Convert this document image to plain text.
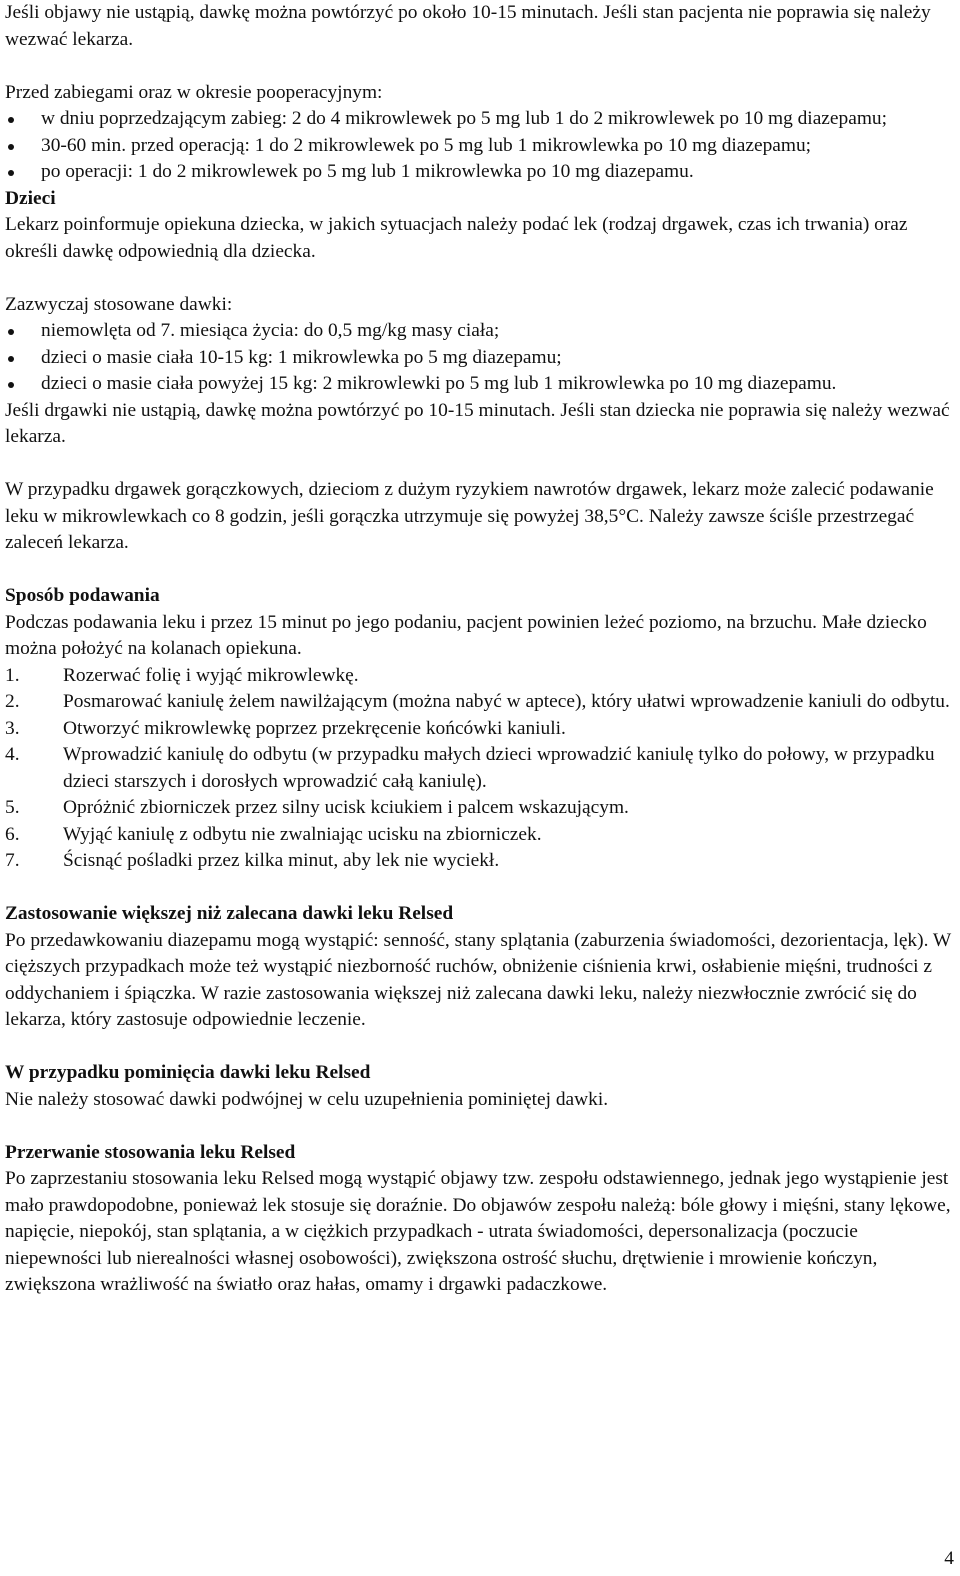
Jeśli objawy nie ustąpią, dawkę można powtórzyć po około 10-15 minutach. Jeśli stan pacjenta nie poprawia się należy wezwać lekarza.

Przed zabiegami oraz w okresie pooperacyjnym:

w dniu poprzedzającym zabieg: 2 do 4 mikrowlewek po 5 mg lub 1 do 2 mikrowlewek po 10 mg diazepamu;
30-60 min. przed operacją: 1 do 2 mikrowlewek po 5 mg lub 1 mikrowlewka po 10 mg diazepamu;
po operacji: 1 do 2 mikrowlewek po 5 mg lub 1 mikrowlewka po 10 mg diazepamu.

Dzieci

Lekarz poinformuje opiekuna dziecka, w jakich sytuacjach należy podać lek (rodzaj drgawek, czas ich trwania) oraz określi dawkę odpowiednią dla dziecka.

Zazwyczaj stosowane dawki:

niemowlęta od 7. miesiąca życia: do 0,5 mg/kg masy ciała;
dzieci o masie ciała 10-15 kg: 1 mikrowlewka po 5 mg diazepamu;
dzieci o masie ciała powyżej 15 kg: 2 mikrowlewki po 5 mg lub 1 mikrowlewka po 10 mg diazepamu.

Jeśli drgawki nie ustąpią, dawkę można powtórzyć po 10-15 minutach. Jeśli stan dziecka nie poprawia się należy wezwać lekarza.

W przypadku drgawek gorączkowych, dzieciom z dużym ryzykiem nawrotów drgawek, lekarz może zalecić podawanie leku w mikrowlewkach co 8 godzin, jeśli gorączka utrzymuje się powyżej 38,5°C. Należy zawsze ściśle przestrzegać zaleceń lekarza.

Sposób podawania

Podczas podawania leku i przez 15 minut po jego podaniu, pacjent powinien leżeć poziomo, na brzuchu. Małe dziecko można położyć na kolanach opiekuna.

1. Rozerwać folię i wyjąć mikrowlewkę.
2. Posmarować kaniulę żelem nawilżającym (można nabyć w aptece), który ułatwi wprowadzenie kaniuli do odbytu.
3. Otworzyć mikrowlewkę poprzez przekręcenie końcówki kaniuli.
4. Wprowadzić kaniulę do odbytu (w przypadku małych dzieci wprowadzić kaniulę tylko do połowy, w przypadku dzieci starszych i dorosłych wprowadzić całą kaniulę).
5. Opróżnić zbiorniczek przez silny ucisk kciukiem i palcem wskazującym.
6. Wyjąć kaniulę z odbytu nie zwalniając ucisku na zbiorniczek.
7. Ścisnąć pośladki przez kilka minut, aby lek nie wyciekł.

Zastosowanie większej niż zalecana dawki leku Relsed

Po przedawkowaniu diazepamu mogą wystąpić: senność, stany splątania (zaburzenia świadomości, dezorientacja, lęk). W cięższych przypadkach może też wystąpić niezborność ruchów, obniżenie ciśnienia krwi, osłabienie mięśni, trudności z oddychaniem i śpiączka. W razie zastosowania większej niż zalecana dawki leku, należy niezwłocznie zwrócić się do lekarza, który zastosuje odpowiednie leczenie.

W przypadku pominięcia dawki leku Relsed

Nie należy stosować dawki podwójnej w celu uzupełnienia pominiętej dawki.

Przerwanie stosowania leku Relsed

Po zaprzestaniu stosowania leku Relsed mogą wystąpić objawy tzw. zespołu odstawiennego, jednak jego wystąpienie jest mało prawdopodobne, ponieważ lek stosuje się doraźnie. Do objawów zespołu należą: bóle głowy i mięśni, stany lękowe, napięcie, niepokój, stan splątania, a w ciężkich przypadkach - utrata świadomości, depersonalizacja (poczucie niepewności lub nierealności własnej osobowości), zwiększona ostrość słuchu, drętwienie i mrowienie kończyn, zwiększona wrażliwość na światło oraz hałas, omamy i drgawki padaczkowe.

4
